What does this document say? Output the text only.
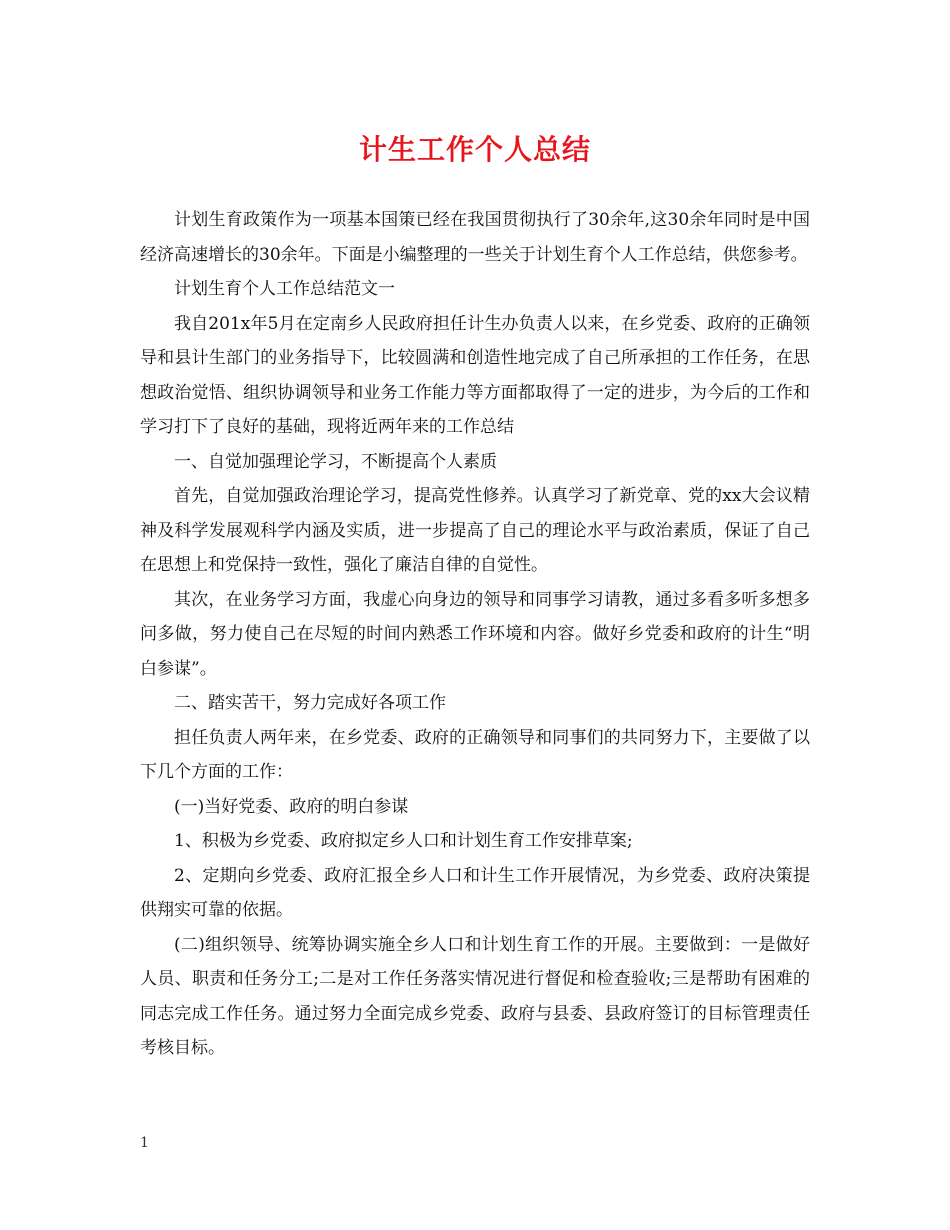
计生工作个人总结

计划生育政策作为一项基本国策已经在我国贯彻执行了30余年,这30余年同时是中国经济高速增长的30余年。下面是小编整理的一些关于计划生育个人工作总结，供您参考。

计划生育个人工作总结范文一

我自201x年5月在定南乡人民政府担任计生办负责人以来，在乡党委、政府的正确领导和县计生部门的业务指导下，比较圆满和创造性地完成了自己所承担的工作任务，在思想政治觉悟、组织协调领导和业务工作能力等方面都取得了一定的进步，为今后的工作和学习打下了良好的基础，现将近两年来的工作总结

一、自觉加强理论学习，不断提高个人素质

首先，自觉加强政治理论学习，提高党性修养。认真学习了新党章、党的xx大会议精神及科学发展观科学内涵及实质，进一步提高了自己的理论水平与政治素质，保证了自己在思想上和党保持一致性，强化了廉洁自律的自觉性。

其次，在业务学习方面，我虚心向身边的领导和同事学习请教，通过多看多听多想多问多做，努力使自己在尽短的时间内熟悉工作环境和内容。做好乡党委和政府的计生“明白参谋”。

二、踏实苦干，努力完成好各项工作

担任负责人两年来，在乡党委、政府的正确领导和同事们的共同努力下，主要做了以下几个方面的工作：

(一)当好党委、政府的明白参谋

1、积极为乡党委、政府拟定乡人口和计划生育工作安排草案;

2、定期向乡党委、政府汇报全乡人口和计生工作开展情况，为乡党委、政府决策提供翔实可靠的依据。

(二)组织领导、统筹协调实施全乡人口和计划生育工作的开展。主要做到：一是做好人员、职责和任务分工;二是对工作任务落实情况进行督促和检查验收;三是帮助有困难的同志完成工作任务。通过努力全面完成乡党委、政府与县委、县政府签订的目标管理责任考核目标。

1
